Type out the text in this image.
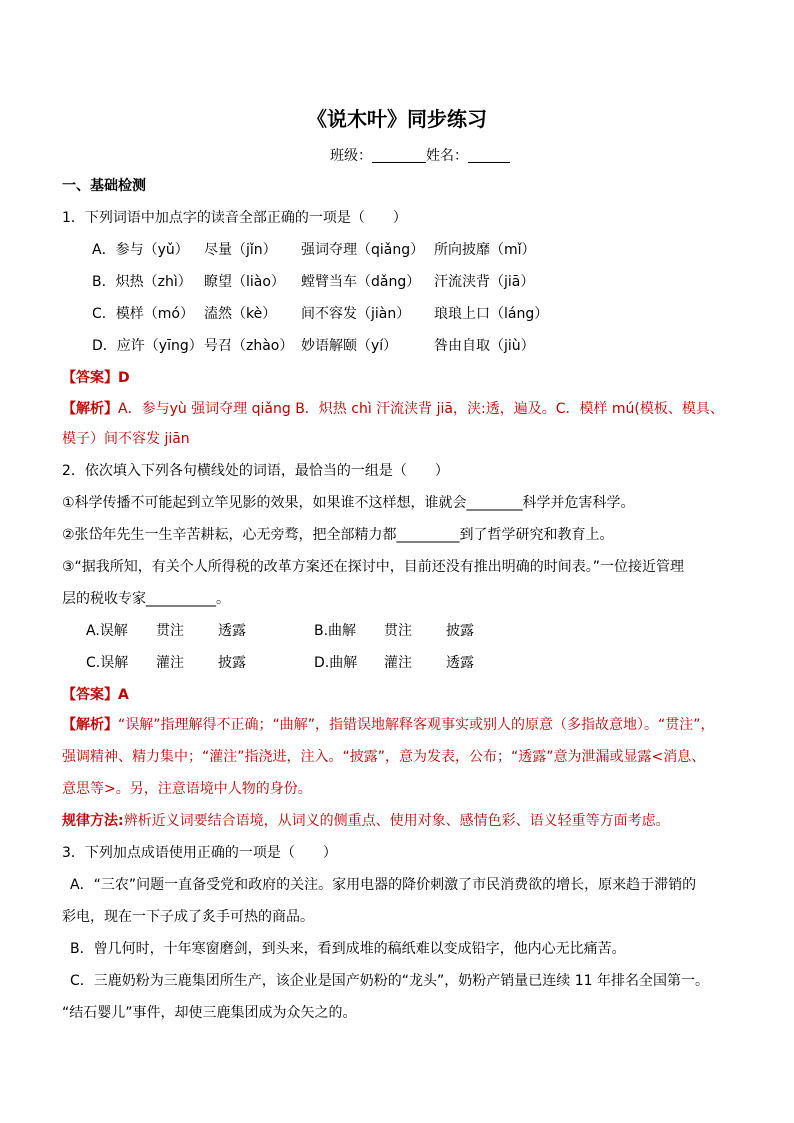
《说木叶》同步练习
班级：	姓名：
一、基础检测
1．下列词语中加点字的读音全部正确的一项是（　　）
A．参与（yǔ） 尽量（jǐn） 强词夺理（qiǎng） 所向披靡（mǐ）
B．炽热（zhì） 瞭望（liào） 螳臂当车（dǎng） 汗流浃背（jiā）
C．模样（mó） 溘然（kè） 间不容发（jiàn） 琅琅上口（láng）
D．应许（yīng）号召（zhào） 妙语解颐（yí）	咎由自取（jiù）
【答案】D
【解析】A．参与yù 强词夺理 qiǎng B．炽热 chì 汗流浃背 jiā，浃:透，遍及。C．模样 mú(模板、模具、
模子）间不容发 jiān
2．依次填入下列各句横线处的词语，最恰当的一组是（　　）
①科学传播不可能起到立竿见影的效果，如果谁不这样想，谁就会________科学并危害科学。
②张岱年先生一生辛苦耕耘，心无旁骛，把全部精力都_________到了哲学研究和教育上。
③“据我所知，有关个人所得税的改革方案还在探讨中，目前还没有推出明确的时间表。”一位接近管理
层的税收专家__________。
A.误解 贯注 透露	B.曲解 贯注 披露
C.误解 灌注 披露	D.曲解 灌注 透露
【答案】A
【解析】“误解”指理解得不正确；“曲解”，指错误地解释客观事实或别人的原意（多指故意地）。“贯注”，
强调精神、精力集中；“灌注”指浇进，注入。“披露”，意为发表，公布；“透露”意为泄漏或显露<消息、
意思等>。另，注意语境中人物的身份。
规律方法:辨析近义词要结合语境，从词义的侧重点、使用对象、感情色彩、语义轻重等方面考虑。
3．下列加点成语使用正确的一项是（　　）
A．“三农”问题一直备受党和政府的关注。家用电器的降价刺激了市民消费欲的增长，原来趋于滞销的
彩电，现在一下子成了炙手可热的商品。
B．曾几何时，十年寒窗磨剑，到头来，看到成堆的稿纸难以变成铅字，他内心无比痛苦。
C．三鹿奶粉为三鹿集团所生产，该企业是国产奶粉的“龙头”，奶粉产销量已连续 11 年排名全国第一。
“结石婴儿”事件，却使三鹿集团成为众矢之的。
